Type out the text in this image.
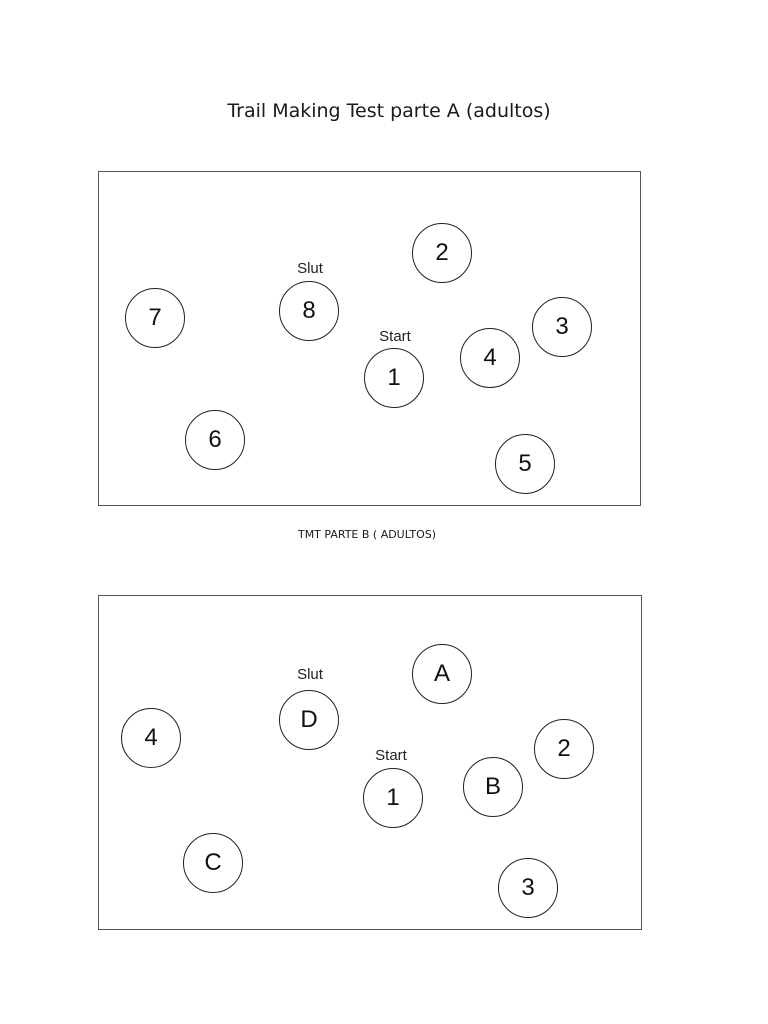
Trail Making Test parte A (adultos)
Start
Slut
1
2
3
4
5
6
7	8
TMT PARTE B ( ADULTOS)
Start
Slut
1
A
2
B
3
C
4
D
